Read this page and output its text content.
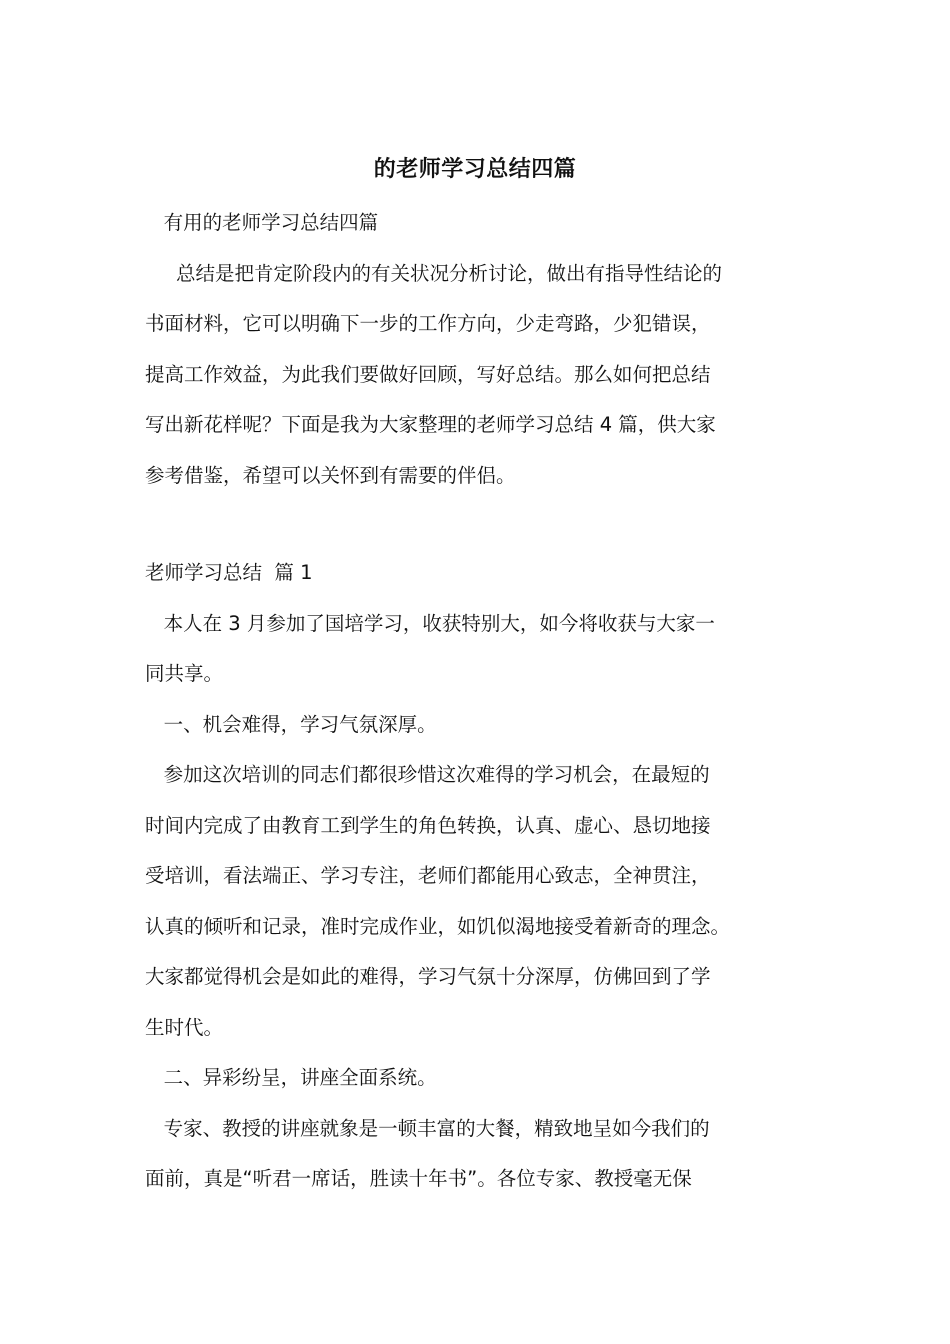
的老师学习总结四篇
有用的老师学习总结四篇
总结是把肯定阶段内的有关状况分析讨论，做出有指导性结论的
书面材料，它可以明确下一步的工作方向，少走弯路，少犯错误，
提高工作效益，为此我们要做好回顾，写好总结。那么如何把总结
写出新花样呢？下面是我为大家整理的老师学习总结 4 篇，供大家
参考借鉴，希望可以关怀到有需要的伴侣。
老师学习总结  篇 1
本人在 3 月参加了国培学习，收获特别大，如今将收获与大家一
同共享。
一、机会难得，学习气氛深厚。
参加这次培训的同志们都很珍惜这次难得的学习机会，在最短的
时间内完成了由教育工到学生的角色转换，认真、虚心、恳切地接
受培训，看法端正、学习专注，老师们都能用心致志，全神贯注，
认真的倾听和记录，准时完成作业，如饥似渴地接受着新奇的理念。
大家都觉得机会是如此的难得，学习气氛十分深厚，仿佛回到了学
生时代。
二、异彩纷呈，讲座全面系统。
专家、教授的讲座就象是一顿丰富的大餐，精致地呈如今我们的
面前，真是“听君一席话，胜读十年书”。各位专家、教授毫无保
